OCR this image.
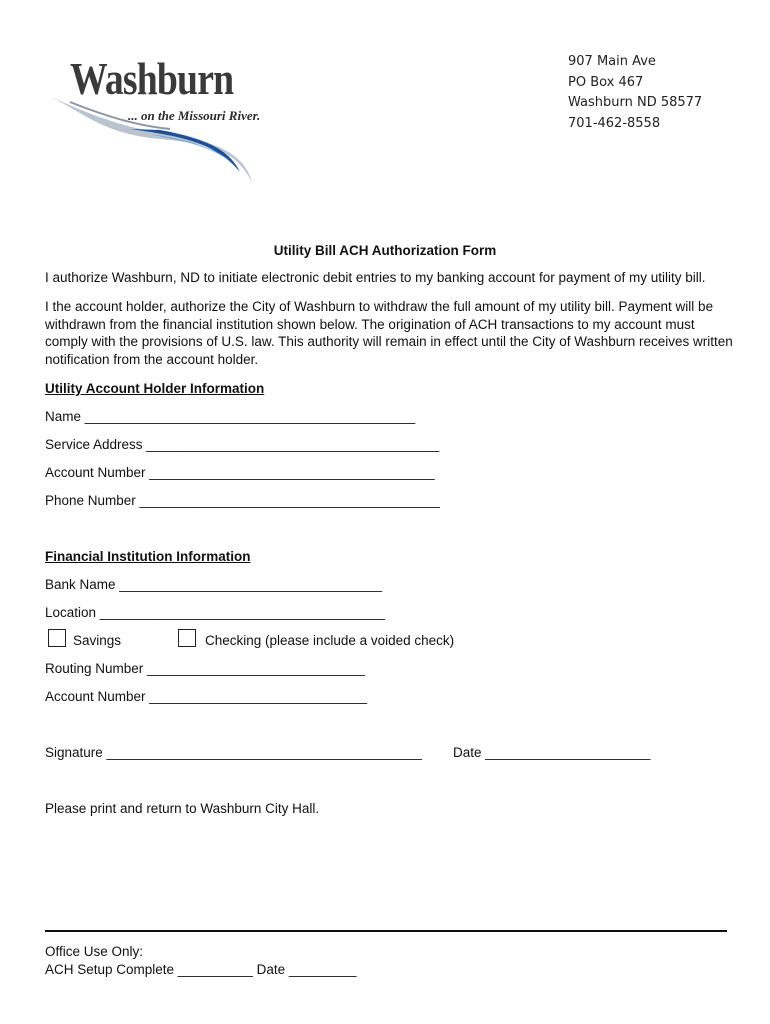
Washburn
... on the Missouri River.
907 Main Ave
PO Box 467
Washburn ND 58577
701-462-8558
Utility Bill ACH Authorization Form
I authorize Washburn, ND to initiate electronic debit entries to my banking account for payment of my utility bill.
I the account holder, authorize the City of Washburn to withdraw the full amount of my utility bill. Payment will be withdrawn from the financial institution shown below. The origination of ACH transactions to my account must comply with the provisions of U.S. law. This authority will remain in effect until the City of Washburn receives written notification from the account holder.
Utility Account Holder Information
Name ____________________________________________
Service Address _______________________________________
Account Number ______________________________________
Phone Number ________________________________________
Financial Institution Information
Bank Name ___________________________________
Location ______________________________________
Savings	Checking (please include a voided check)
Routing Number _____________________________
Account Number _____________________________
Signature __________________________________________ Date ______________________
Please print and return to Washburn City Hall.
Office Use Only:
ACH Setup Complete __________ Date _________
